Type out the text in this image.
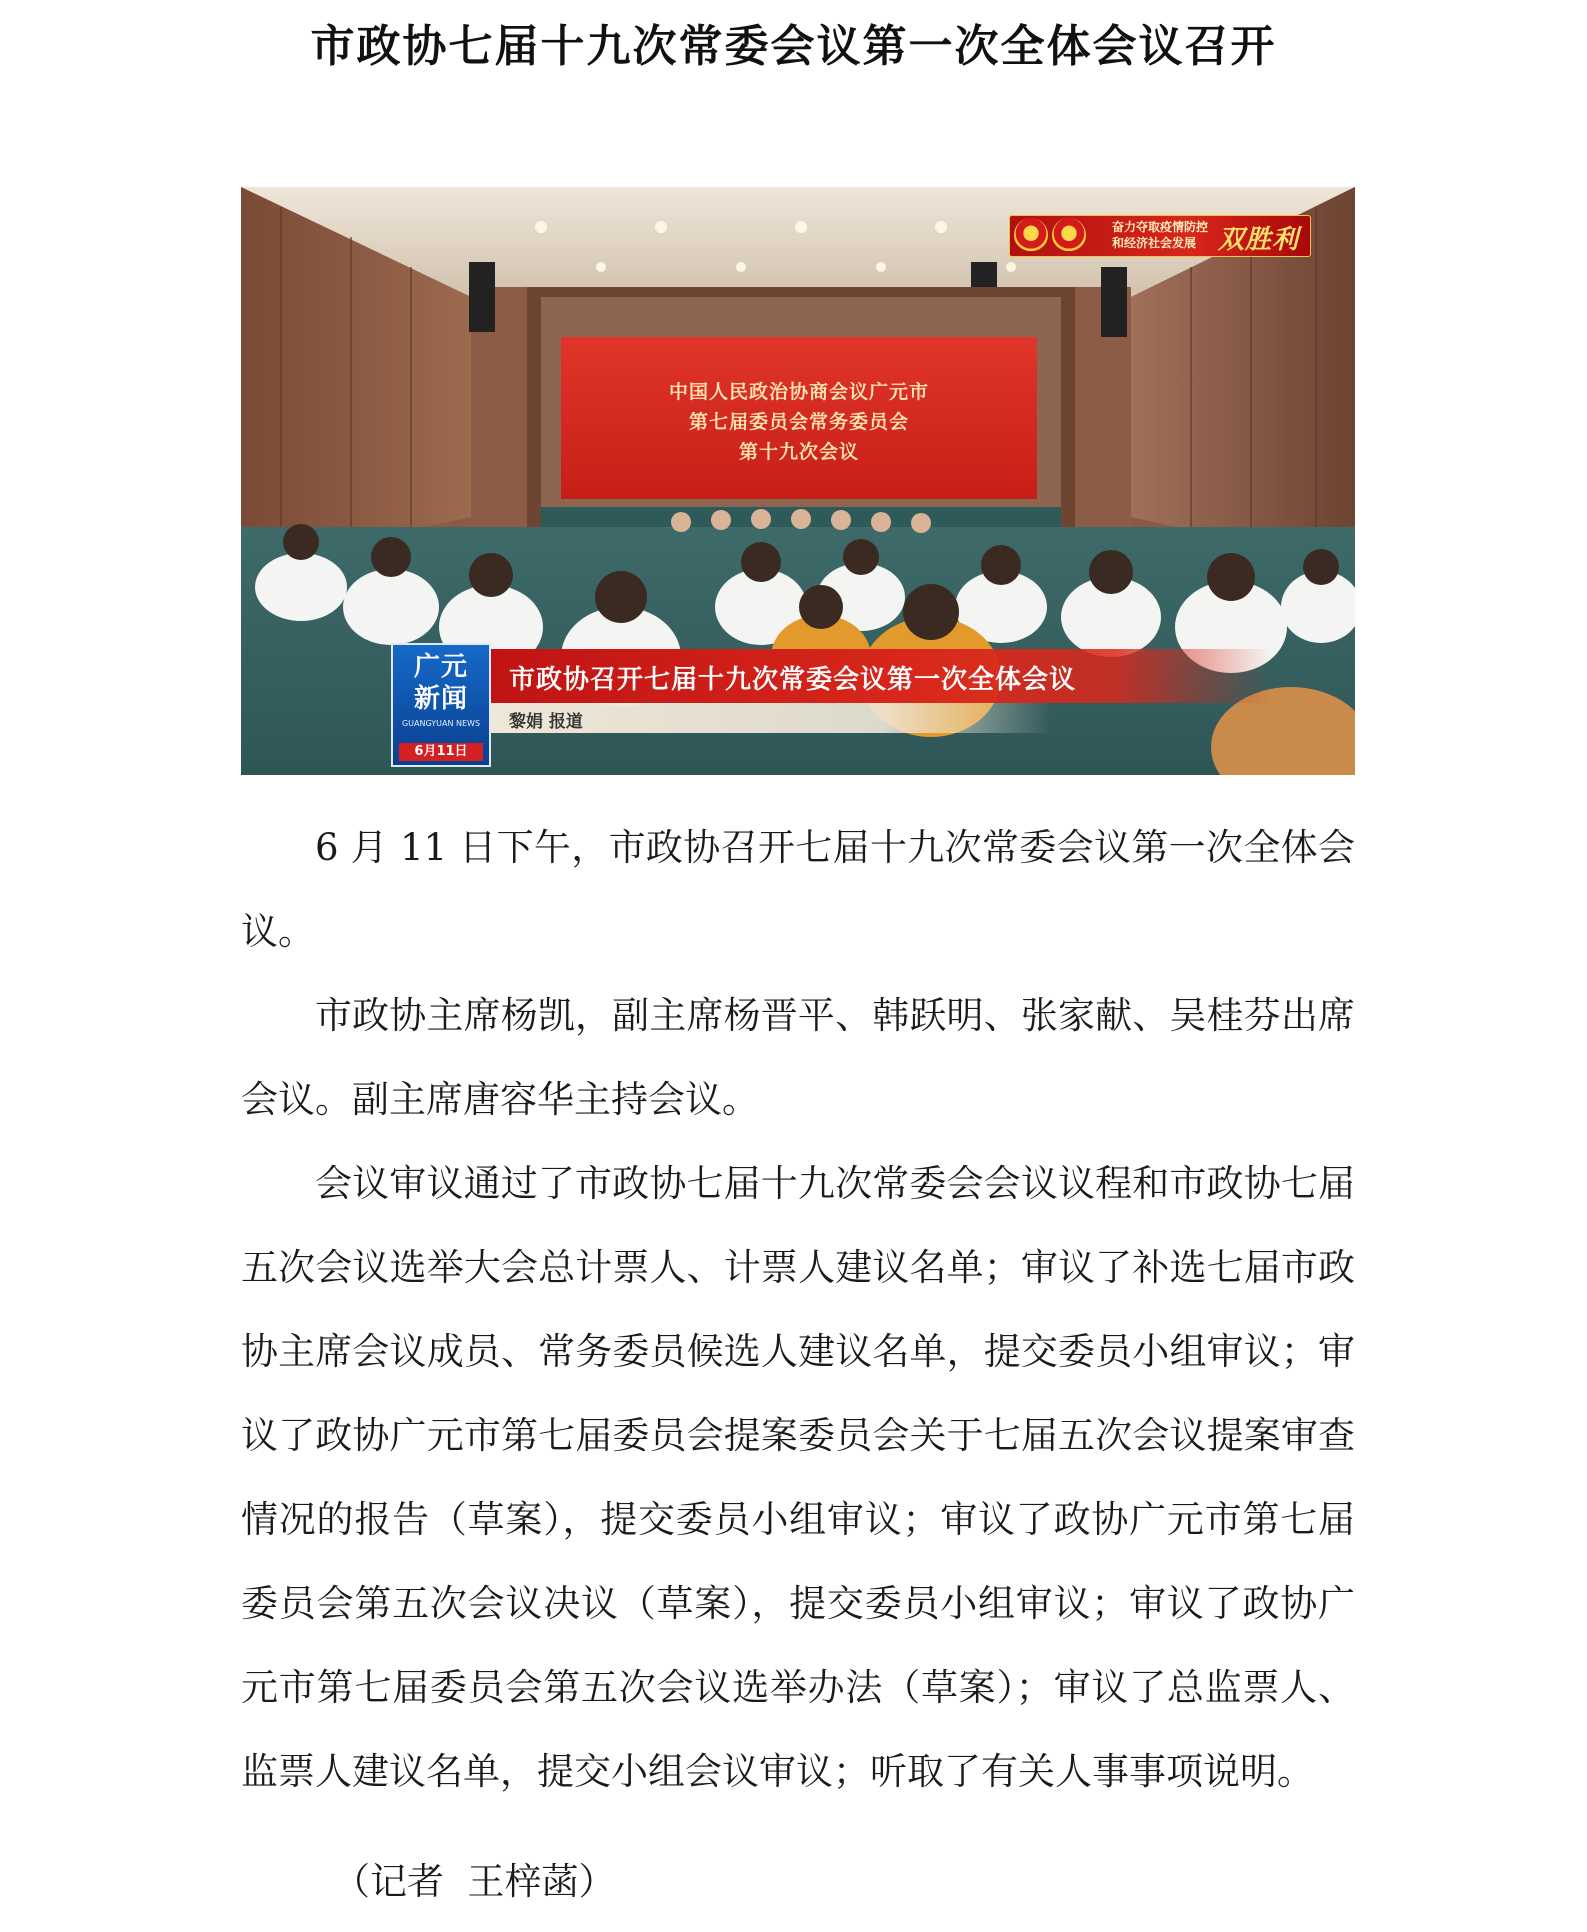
市政协七届十九次常委会议第一次全体会议召开
中国人民政治协商会议广元市
第七届委员会常务委员会
第十九次会议
奋力夺取疫情防控和经济社会发展 双胜利
市政协召开七届十九次常委会议第一次全体会议
黎娟 报道
广元
新闻
GUANGYUAN NEWS
6月11日

6 月 11 日下午，市政协召开七届十九次常委会议第一次全体会议。

市政协主席杨凯，副主席杨晋平、韩跃明、张家献、吴桂芬出席会议。副主席唐容华主持会议。

会议审议通过了市政协七届十九次常委会会议议程和市政协七届五次会议选举大会总计票人、计票人建议名单；审议了补选七届市政协主席会议成员、常务委员候选人建议名单，提交委员小组审议；审议了政协广元市第七届委员会提案委员会关于七届五次会议提案审查情况的报告（草案），提交委员小组审议；审议了政协广元市第七届委员会第五次会议决议（草案），提交委员小组审议；审议了政协广元市第七届委员会第五次会议选举办法（草案）；审议了总监票人、监票人建议名单，提交小组会议审议；听取了有关人事事项说明。

（记者  王梓菡）
